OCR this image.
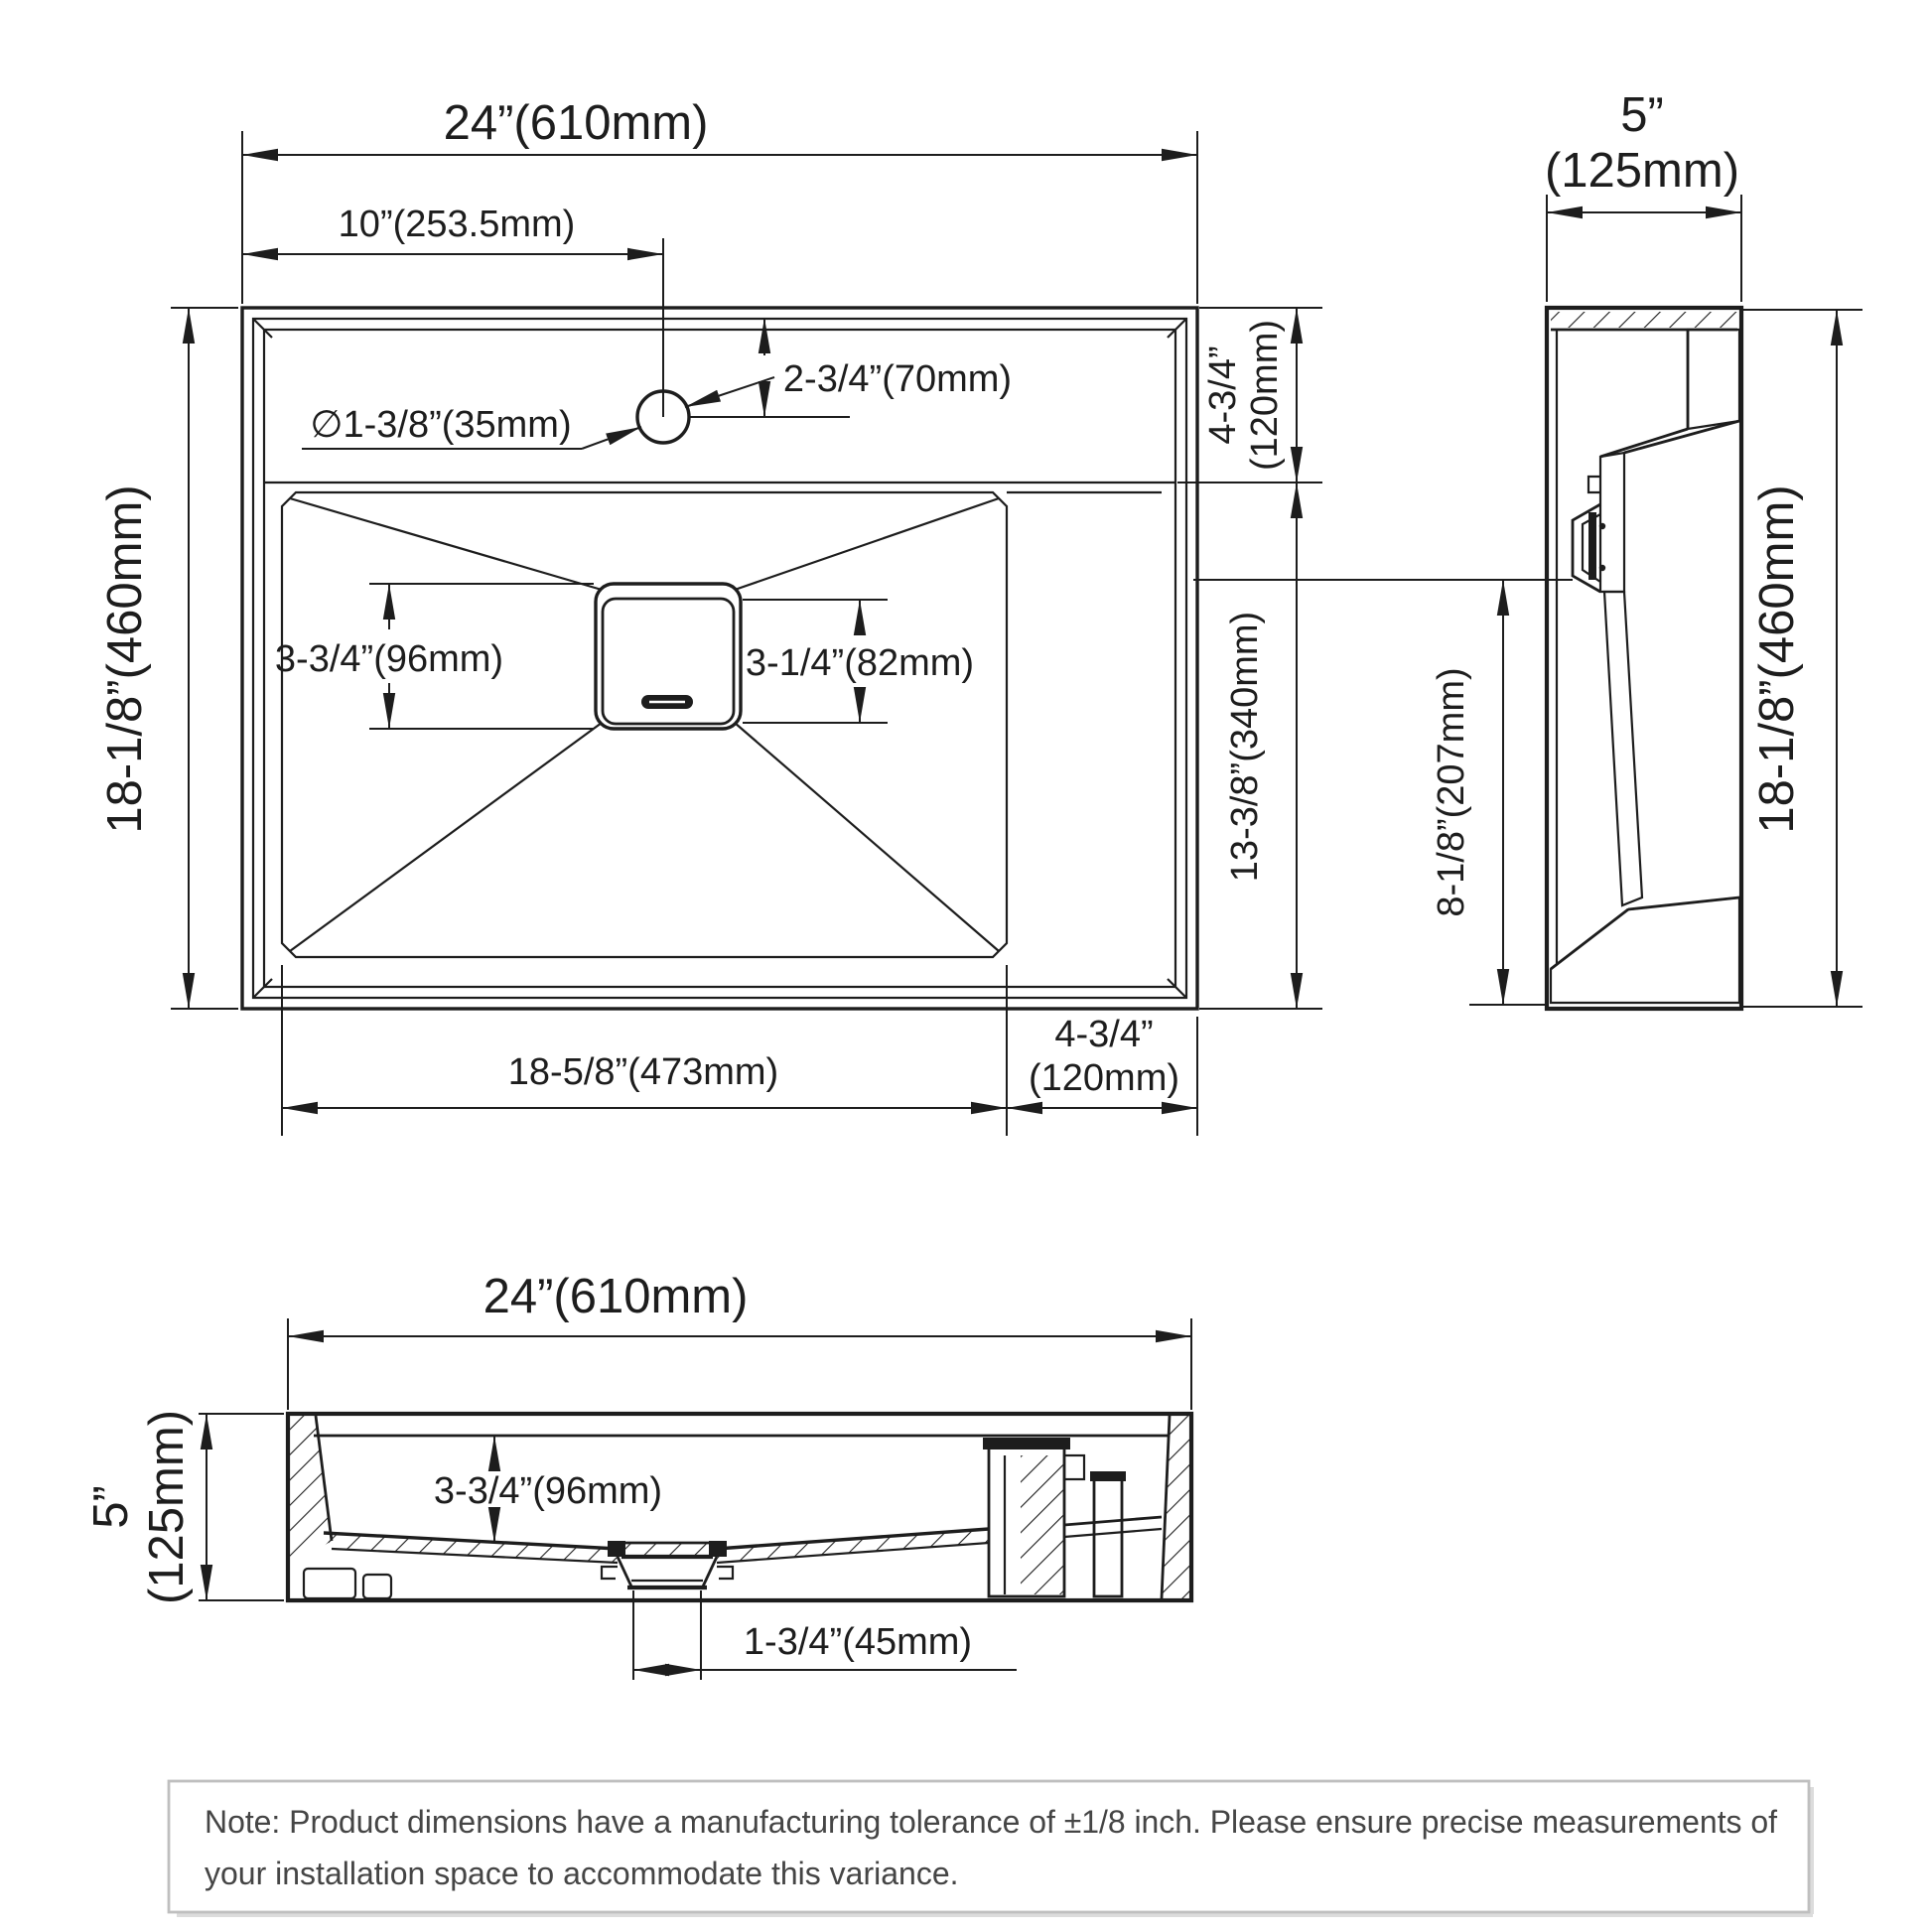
24”(610mm)
10”(253.5mm)
2-3/4”(70mm)
∅1-3/8”(35mm)
3-3/4”(96mm)	3-1/4”(82mm)
4-3/4” (120mm)
13-3/8”(340mm)
18-5/8”(473mm)
4-3/4”
(120mm)
18-1/8”(460mm)
5”
(125mm)
8-1/8”(207mm)	18-1/8”(460mm)
24”(610mm)
3-3/4”(96mm)
1-3/4”(45mm)
5” (125mm)
Note: Product dimensions have a manufacturing tolerance of ±1/8 inch. Please ensure precise measurements of
your installation space to accommodate this variance.
